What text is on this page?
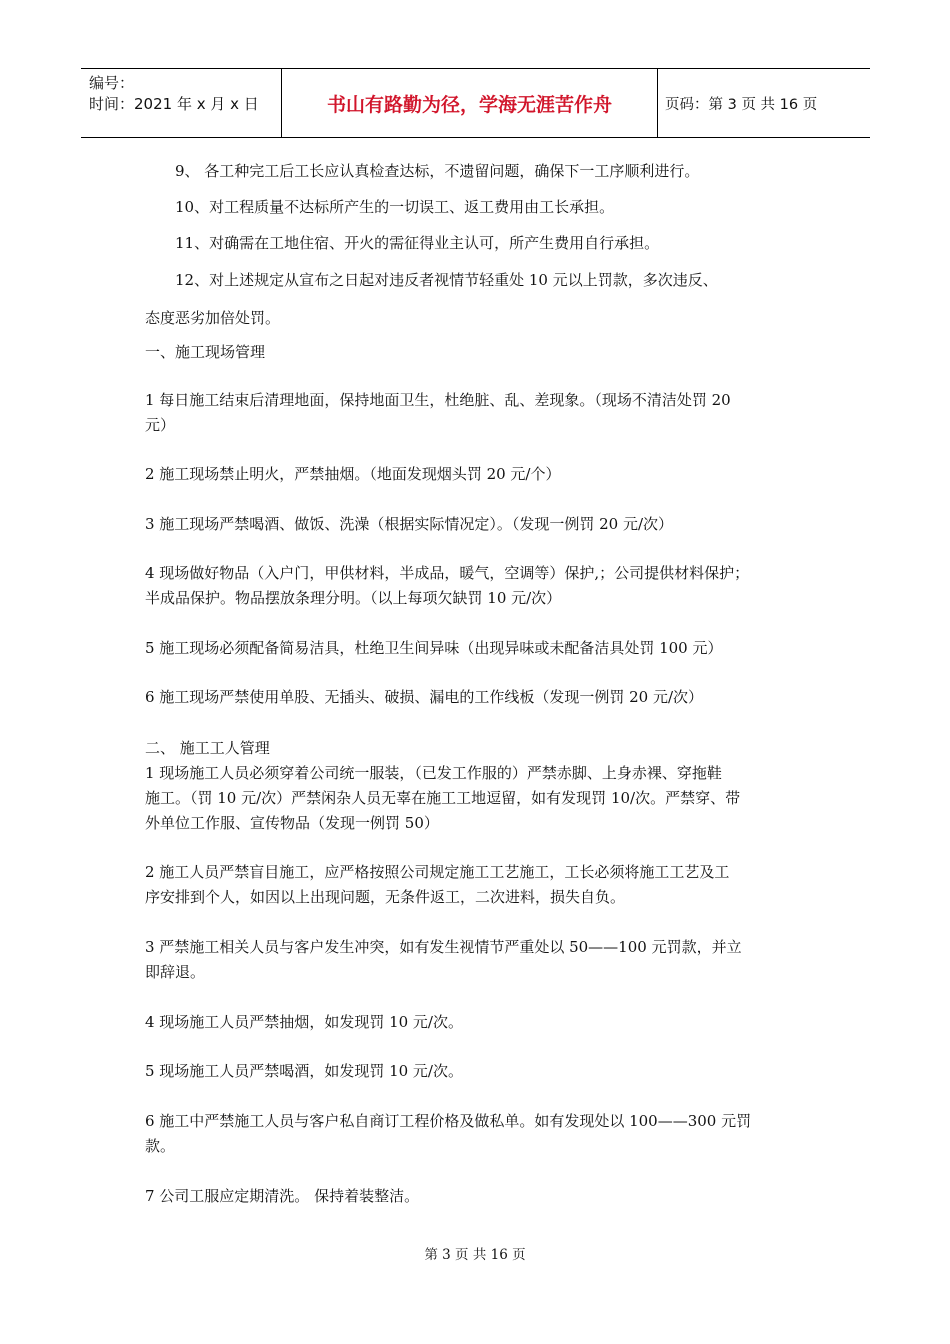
编号：
时间：2021 年 x 月 x 日	书山有路勤为径，学海无涯苦作舟	页码：第 3 页 共 16 页

9、 各工种完工后工长应认真检查达标，不遗留问题，确保下一工序顺利进行。

10、对工程质量不达标所产生的一切误工、返工费用由工长承担。

11、对确需在工地住宿、开火的需征得业主认可，所产生费用自行承担。

12、对上述规定从宣布之日起对违反者视情节轻重处 10 元以上罚款，多次违反、

态度恶劣加倍处罚。

一、施工现场管理

1 每日施工结束后清理地面，保持地面卫生，杜绝脏、乱、差现象。（现场不清洁处罚 20

元）

2 施工现场禁止明火，严禁抽烟。（地面发现烟头罚 20 元/个）

3 施工现场严禁喝酒、做饭、洗澡（根据实际情况定）。（发现一例罚 20 元/次）

4 现场做好物品（入户门，甲供材料，半成品，暖气，空调等）保护,；公司提供材料保护；

半成品保护。物品摆放条理分明。（以上每项欠缺罚 10 元/次）

5 施工现场必须配备简易洁具，杜绝卫生间异味（出现异味或未配备洁具处罚 100 元）

6 施工现场严禁使用单股、无插头、破损、漏电的工作线板（发现一例罚 20 元/次）

二、 施工工人管理

1 现场施工人员必须穿着公司统一服装，（已发工作服的）严禁赤脚、上身赤裸、穿拖鞋

施工。（罚 10 元/次）严禁闲杂人员无辜在施工工地逗留，如有发现罚 10/次。严禁穿、带

外单位工作服、宣传物品（发现一例罚 50）

2 施工人员严禁盲目施工，应严格按照公司规定施工工艺施工，工长必须将施工工艺及工

序安排到个人，如因以上出现问题，无条件返工，二次进料，损失自负。

3 严禁施工相关人员与客户发生冲突，如有发生视情节严重处以 50——100 元罚款，并立

即辞退。

4 现场施工人员严禁抽烟，如发现罚 10 元/次。

5 现场施工人员严禁喝酒，如发现罚 10 元/次。

6 施工中严禁施工人员与客户私自商订工程价格及做私单。如有发现处以 100——300 元罚

款。

7 公司工服应定期清洗。 保持着装整洁。

第 3 页 共 16 页
